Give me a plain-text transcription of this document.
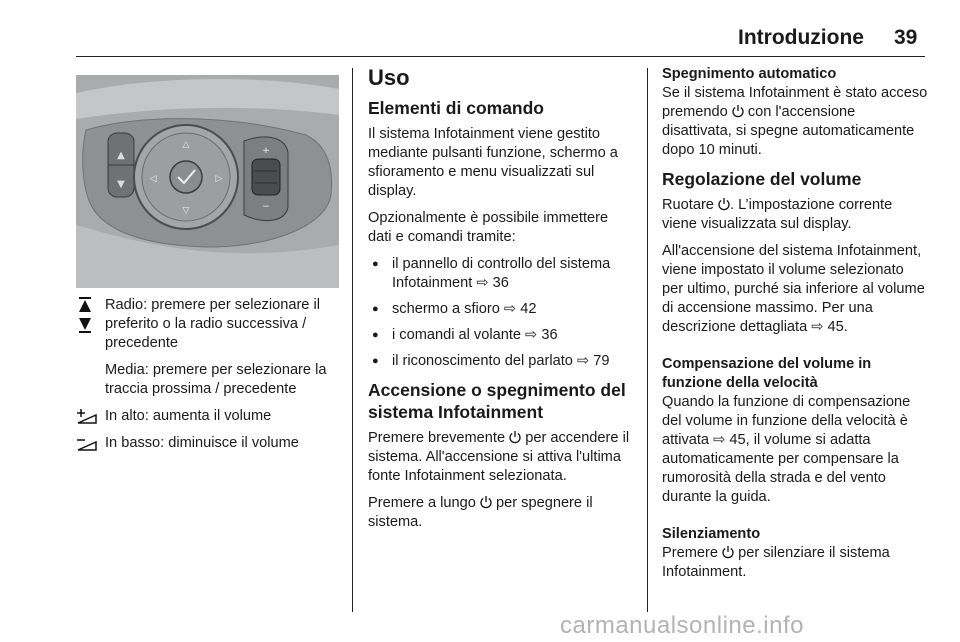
Introduzione 39
▲
▼
△
▽
◁	▷
+
−

Radio: premere per selezionare il preferito o la radio successiva / precedente

Media: premere per selezionare la traccia prossima / precedente

In alto: aumenta il volume

In basso: diminuisce il volume

Uso
Elementi di comando

Il sistema Infotainment viene gestito mediante pulsanti funzione, schermo a sfioramento e menu visualizzati sul display.

Opzionalmente è possibile immettere dati e comandi tramite:

● il pannello di controllo del sistema Infotainment ⇨ 36
● schermo a sfioro ⇨ 42
● i comandi al volante ⇨ 36
● il riconoscimento del parlato ⇨ 79
Accensione o spegnimento del sistema Infotainment

Premere brevemente per accendere il sistema. All'accensione si attiva l'ultima fonte Infotainment selezionata.

Premere a lungo per spegnere il sistema.

Spegnimento automatico

Se il sistema Infotainment è stato acceso premendo con l'accensione disattivata, si spegne automaticamente dopo 10 minuti.

Regolazione del volume

Ruotare . L’impostazione corrente viene visualizzata sul display.

All'accensione del sistema Infotainment, viene impostato il volume selezionato per ultimo, purché sia inferiore al volume di accensione massimo. Per una descrizione dettagliata ⇨ 45.

Compensazione del volume in funzione della velocità

Quando la funzione di compensazione del volume in funzione della velocità è attivata ⇨ 45, il volume si adatta automaticamente per compensare la rumorosità della strada e del vento durante la guida.

Silenziamento

Premere per silenziare il sistema Infotainment.

carmanualsonline.info
